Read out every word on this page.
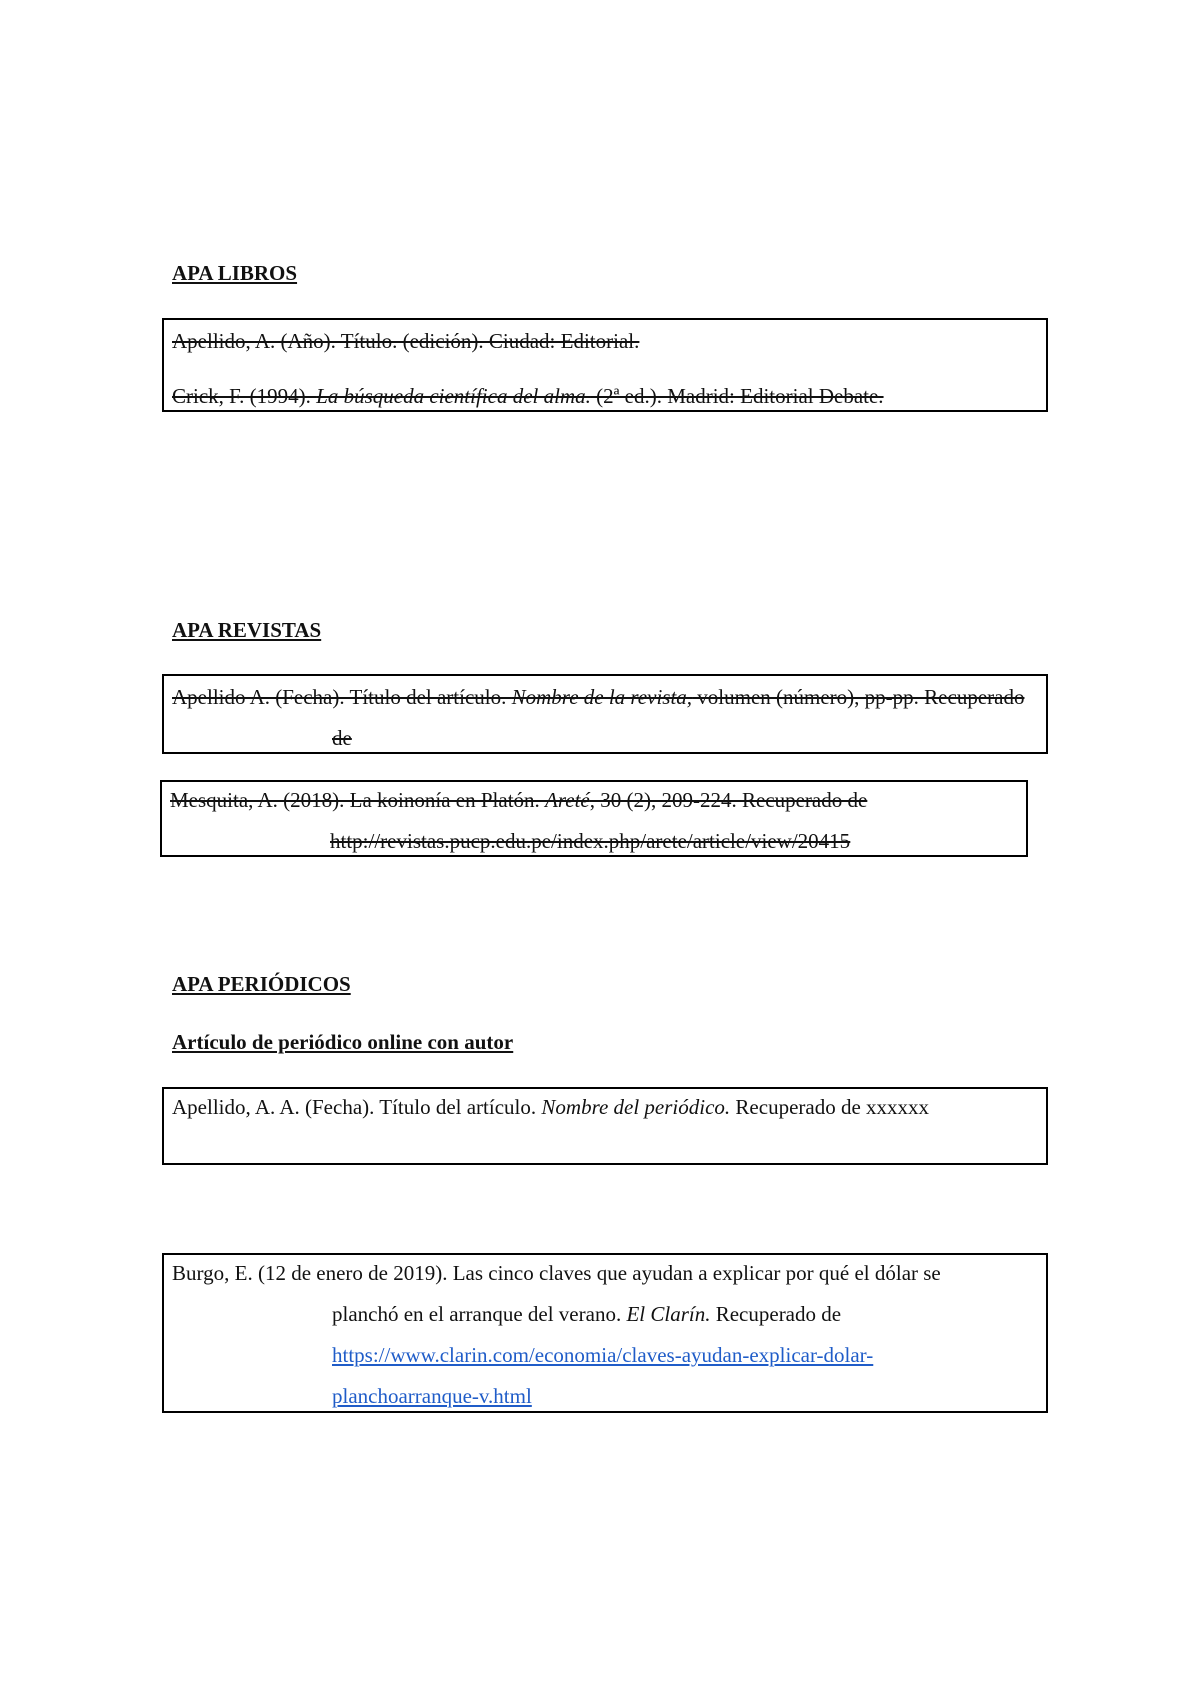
APA LIBROS

Apellido, A. (Año). Título. (edición). Ciudad: Editorial.

Crick, F. (1994). La búsqueda científica del alma. (2ª ed.). Madrid: Editorial Debate.

APA REVISTAS

Apellido A. (Fecha). Título del artículo. Nombre de la revista, volumen (número), pp-pp. Recuperado de

Mesquita, A. (2018). La koinonía en Platón. Areté, 30 (2), 209-224. Recuperado de http://revistas.pucp.edu.pe/index.php/arete/article/view/20415

APA PERIÓDICOS
Artículo de periódico online con autor

Apellido, A. A. (Fecha). Título del artículo. Nombre del periódico. Recuperado de xxxxxx

Burgo, E. (12 de enero de 2019). Las cinco claves que ayudan a explicar por qué el dólar se planchó en el arranque del verano. El Clarín. Recuperado de
https://www.clarin.com/economia/claves-ayudan-explicar-dolar-
planchoarranque-v.html
